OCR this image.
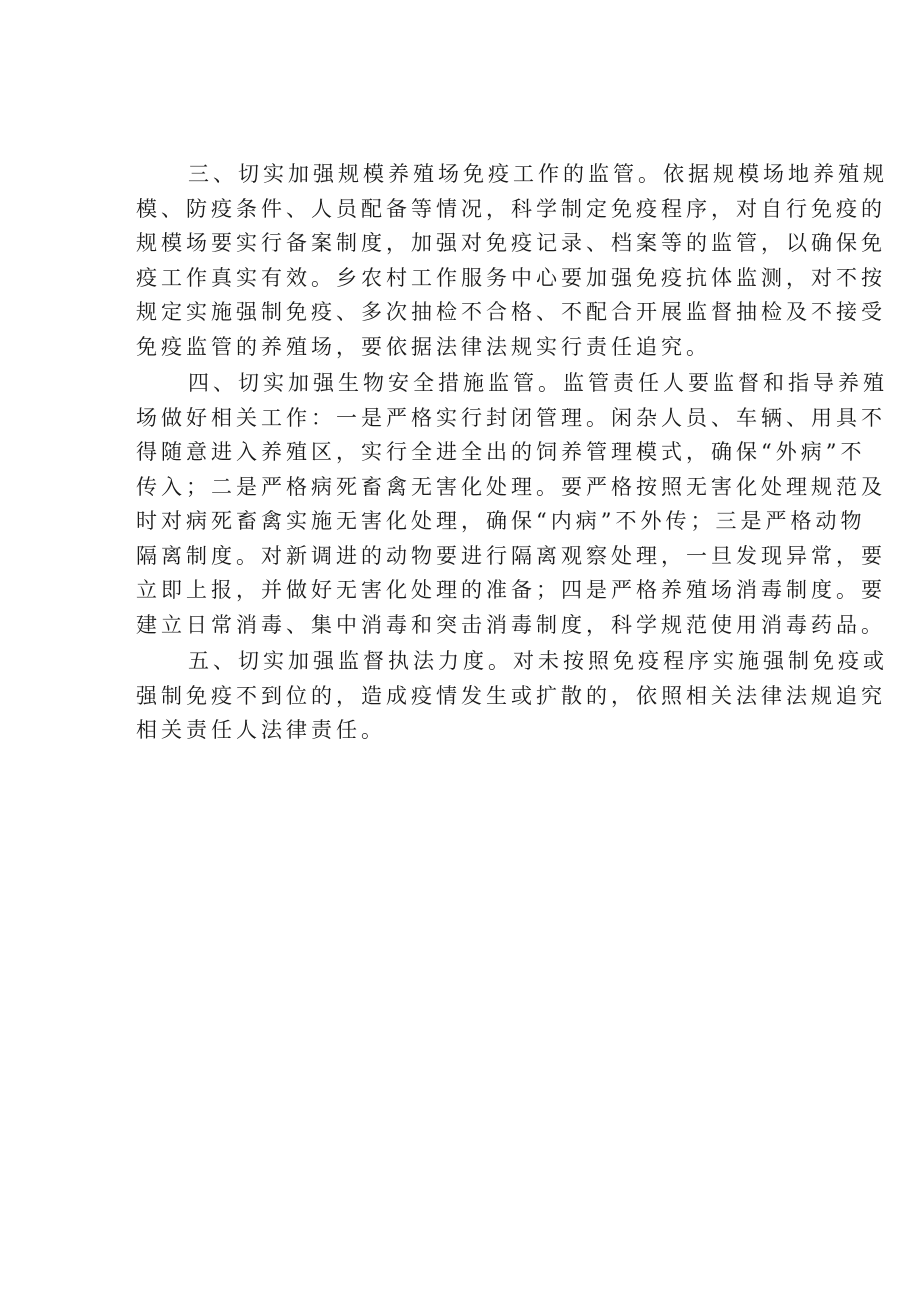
三、切实加强规模养殖场免疫工作的监管。依据规模场地养殖规
模、防疫条件、人员配备等情况，科学制定免疫程序，对自行免疫的
规模场要实行备案制度，加强对免疫记录、档案等的监管，以确保免
疫工作真实有效。乡农村工作服务中心要加强免疫抗体监测，对不按
规定实施强制免疫、多次抽检不合格、不配合开展监督抽检及不接受
免疫监管的养殖场，要依据法律法规实行责任追究。

四、切实加强生物安全措施监管。监管责任人要监督和指导养殖
场做好相关工作：一是严格实行封闭管理。闲杂人员、车辆、用具不
得随意进入养殖区，实行全进全出的饲养管理模式，确保“外病”不
传入；二是严格病死畜禽无害化处理。要严格按照无害化处理规范及
时对病死畜禽实施无害化处理，确保“内病”不外传；三是严格动物
隔离制度。对新调进的动物要进行隔离观察处理，一旦发现异常，要
立即上报，并做好无害化处理的准备；四是严格养殖场消毒制度。要
建立日常消毒、集中消毒和突击消毒制度，科学规范使用消毒药品。

五、切实加强监督执法力度。对未按照免疫程序实施强制免疫或
强制免疫不到位的，造成疫情发生或扩散的，依照相关法律法规追究
相关责任人法律责任。
